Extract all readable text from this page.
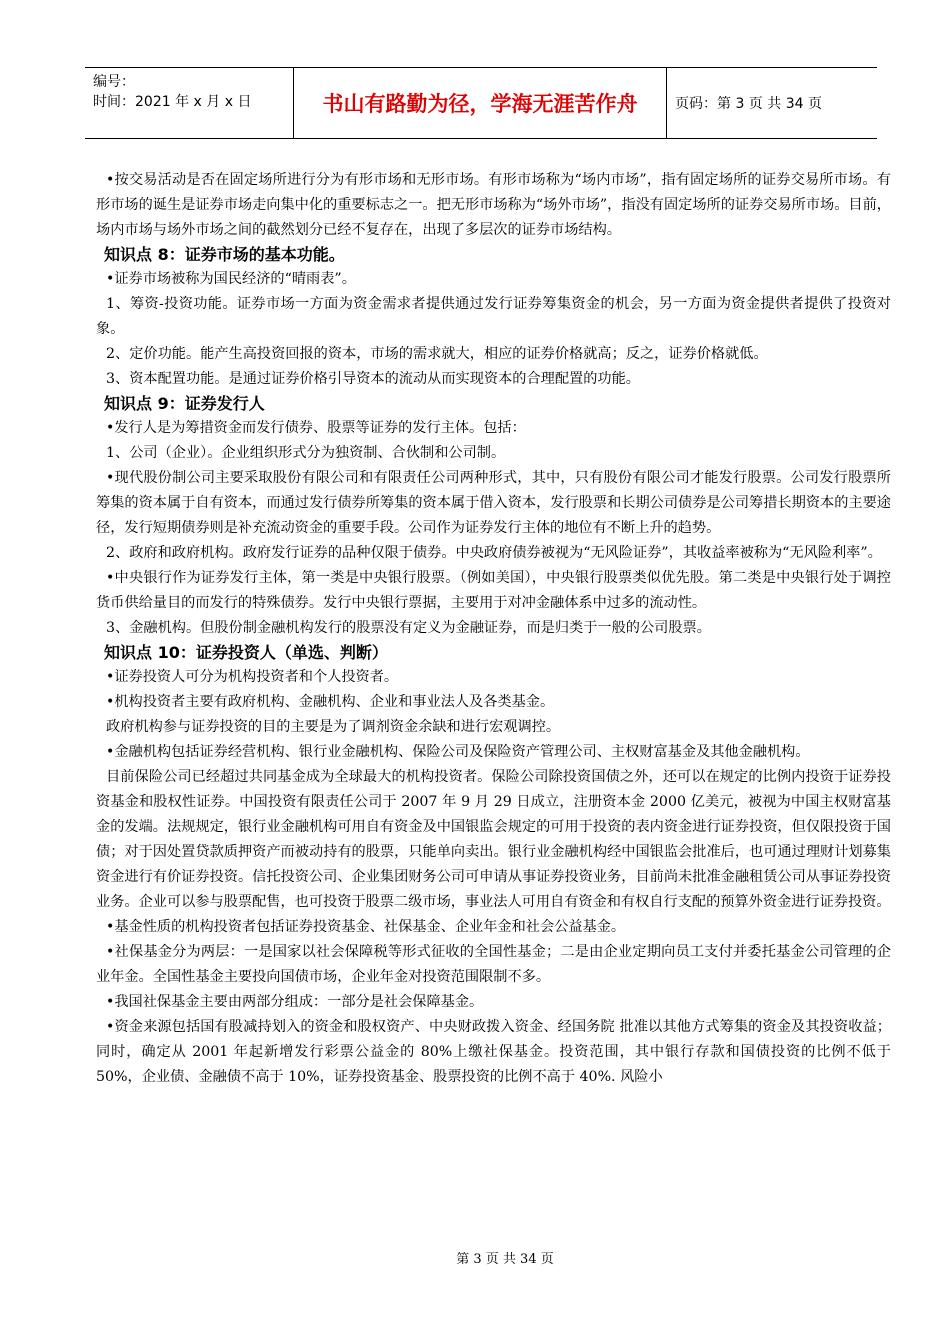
编号：
时间：2021 年 x 月 x 日	书山有路勤为径，学海无涯苦作舟	页码：第 3 页 共 34 页

•按交易活动是否在固定场所进行分为有形市场和无形市场。有形市场称为“场内市场”，指有固定场所的证券交易所市场。有形市场的诞生是证券市场走向集中化的重要标志之一。把无形市场称为“场外市场”，指没有固定场所的证券交易所市场。目前，场内市场与场外市场之间的截然划分已经不复存在，出现了多层次的证券市场结构。

知识点 8：证券市场的基本功能。

•证券市场被称为国民经济的“晴雨表”。

1、筹资-投资功能。证券市场一方面为资金需求者提供通过发行证券筹集资金的机会，另一方面为资金提供者提供了投资对象。

2、定价功能。能产生高投资回报的资本，市场的需求就大，相应的证券价格就高；反之，证券价格就低。

3、资本配置功能。是通过证券价格引导资本的流动从而实现资本的合理配置的功能。

知识点 9：证券发行人

•发行人是为筹措资金而发行债券、股票等证券的发行主体。包括：

1、公司（企业）。企业组织形式分为独资制、合伙制和公司制。

•现代股份制公司主要采取股份有限公司和有限责任公司两种形式，其中，只有股份有限公司才能发行股票。公司发行股票所筹集的资本属于自有资本，而通过发行债券所筹集的资本属于借入资本，发行股票和长期公司债券是公司筹措长期资本的主要途径，发行短期债券则是补充流动资金的重要手段。公司作为证券发行主体的地位有不断上升的趋势。

2、政府和政府机构。政府发行证券的品种仅限于债券。中央政府债券被视为“无风险证券”，其收益率被称为“无风险利率”。

•中央银行作为证券发行主体，第一类是中央银行股票。（例如美国），中央银行股票类似优先股。第二类是中央银行处于调控货币供给量目的而发行的特殊债券。发行中央银行票据，主要用于对冲金融体系中过多的流动性。

3、金融机构。但股份制金融机构发行的股票没有定义为金融证券，而是归类于一般的公司股票。

知识点 10：证券投资人（单选、判断）

•证券投资人可分为机构投资者和个人投资者。

•机构投资者主要有政府机构、金融机构、企业和事业法人及各类基金。

政府机构参与证券投资的目的主要是为了调剂资金余缺和进行宏观调控。

•金融机构包括证券经营机构、银行业金融机构、保险公司及保险资产管理公司、主权财富基金及其他金融机构。

目前保险公司已经超过共同基金成为全球最大的机构投资者。保险公司除投资国债之外，还可以在规定的比例内投资于证券投资基金和股权性证券。中国投资有限责任公司于 2007 年 9 月 29 日成立，注册资本金 2000 亿美元，被视为中国主权财富基金的发端。法规规定，银行业金融机构可用自有资金及中国银监会规定的可用于投资的表内资金进行证券投资，但仅限投资于国债；对于因处置贷款质押资产而被动持有的股票，只能单向卖出。银行业金融机构经中国银监会批准后，也可通过理财计划募集资金进行有价证券投资。信托投资公司、企业集团财务公司可申请从事证券投资业务，目前尚未批准金融租赁公司从事证券投资业务。企业可以参与股票配售，也可投资于股票二级市场，事业法人可用自有资金和有权自行支配的预算外资金进行证券投资。

•基金性质的机构投资者包括证券投资基金、社保基金、企业年金和社会公益基金。

•社保基金分为两层：一是国家以社会保障税等形式征收的全国性基金；二是由企业定期向员工支付并委托基金公司管理的企业年金。全国性基金主要投向国债市场，企业年金对投资范围限制不多。

•我国社保基金主要由两部分组成：一部分是社会保障基金。

•资金来源包括国有股减持划入的资金和股权资产、中央财政拨入资金、经国务院 批准以其他方式筹集的资金及其投资收益；同时，确定从 2001 年起新增发行彩票公益金的 80%上缴社保基金。投资范围，其中银行存款和国债投资的比例不低于 50%，企业债、金融债不高于 10%，证券投资基金、股票投资的比例不高于 40%. 风险小

第 3 页 共 34 页
